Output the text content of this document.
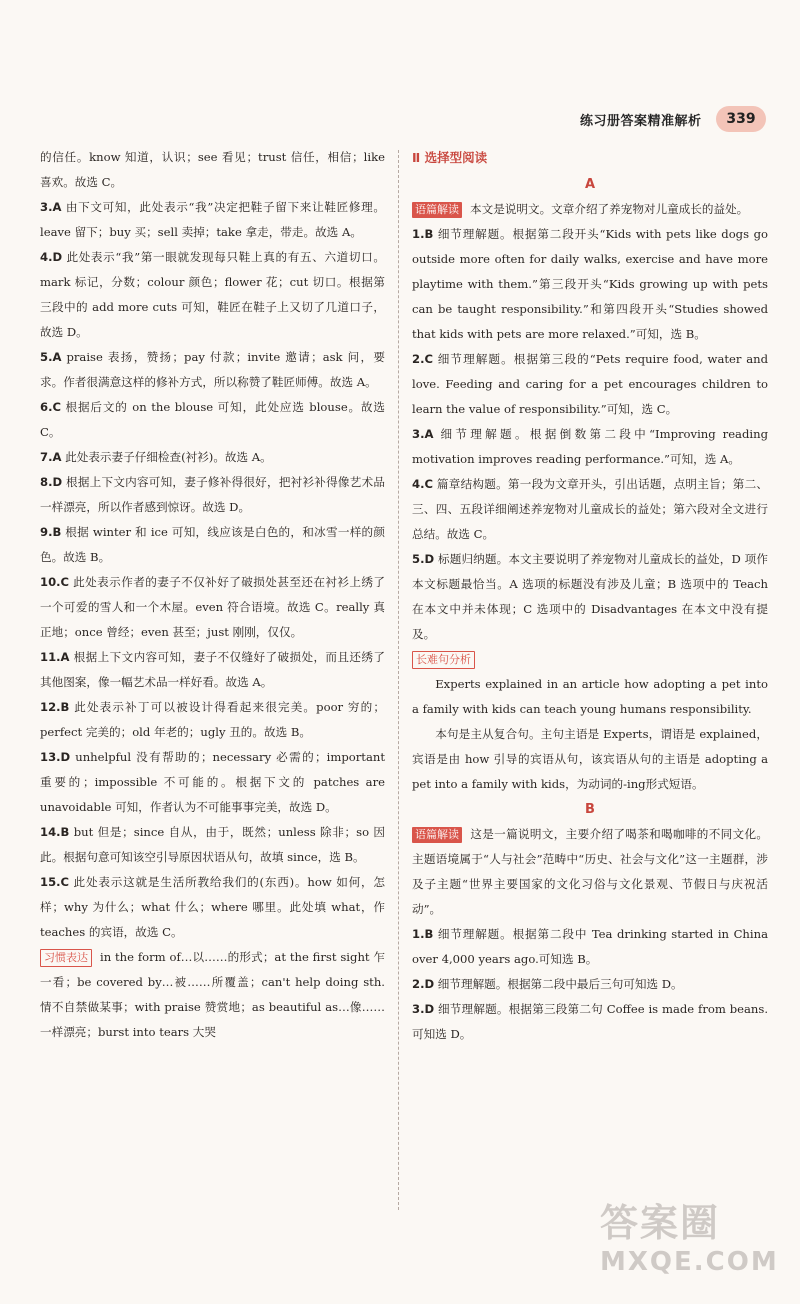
练习册答案精准解析	339
的信任。know 知道，认识；see 看见；trust 信任，相信；like 喜欢。故选 C。
3.A 由下文可知，此处表示“我”决定把鞋子留下来让鞋匠修理。leave 留下；buy 买；sell 卖掉；take 拿走，带走。故选 A。
4.D 此处表示“我”第一眼就发现每只鞋上真的有五、六道切口。mark 标记，分数；colour 颜色；flower 花；cut 切口。根据第三段中的 add more cuts 可知，鞋匠在鞋子上又切了几道口子，故选 D。
5.A praise 表扬，赞扬；pay 付款；invite 邀请；ask 问，要求。作者很满意这样的修补方式，所以称赞了鞋匠师傅。故选 A。
6.C 根据后文的 on the blouse 可知，此处应选 blouse。故选 C。
7.A 此处表示妻子仔细检查(衬衫)。故选 A。
8.D 根据上下文内容可知，妻子修补得很好，把衬衫补得像艺术品一样漂亮，所以作者感到惊讶。故选 D。
9.B 根据 winter 和 ice 可知，线应该是白色的，和冰雪一样的颜色。故选 B。
10.C 此处表示作者的妻子不仅补好了破损处甚至还在衬衫上绣了一个可爱的雪人和一个木屋。even 符合语境。故选 C。really 真正地；once 曾经；even 甚至；just 刚刚，仅仅。
11.A 根据上下文内容可知，妻子不仅缝好了破损处，而且还绣了其他图案，像一幅艺术品一样好看。故选 A。
12.B 此处表示补丁可以被设计得看起来很完美。poor 穷的；perfect 完美的；old 年老的；ugly 丑的。故选 B。
13.D unhelpful 没有帮助的；necessary 必需的；important 重要的；impossible 不可能的。根据下文的 patches are unavoidable 可知，作者认为不可能事事完美，故选 D。
14.B but 但是；since 自从，由于，既然；unless 除非；so 因此。根据句意可知该空引导原因状语从句，故填 since，选 B。
15.C 此处表示这就是生活所教给我们的(东西)。how 如何，怎样；why 为什么；what 什么；where 哪里。此处填 what，作 teaches 的宾语，故选 C。
习惯表达 in the form of…以……的形式；at the first sight 乍一看；be covered by…被……所覆盖；can't help doing sth. 情不自禁做某事；with praise 赞赏地；as beautiful as…像……一样漂亮；burst into tears 大哭
Ⅱ 选择型阅读
A
语篇解读 本文是说明文。文章介绍了养宠物对儿童成长的益处。
1.B 细节理解题。根据第二段开头“Kids with pets like dogs go outside more often for daily walks, exercise and have more playtime with them.”第三段开头“Kids growing up with pets can be taught responsibility.”和第四段开头“Studies showed that kids with pets are more relaxed.”可知，选 B。
2.C 细节理解题。根据第三段的“Pets require food, water and love. Feeding and caring for a pet encourages children to learn the value of responsibility.”可知，选 C。
3.A 细节理解题。根据倒数第二段中“Improving reading motivation improves reading performance.”可知，选 A。
4.C 篇章结构题。第一段为文章开头，引出话题，点明主旨；第二、三、四、五段详细阐述养宠物对儿童成长的益处；第六段对全文进行总结。故选 C。
5.D 标题归纳题。本文主要说明了养宠物对儿童成长的益处，D 项作本文标题最恰当。A 选项的标题没有涉及儿童；B 选项中的 Teach 在本文中并未体现；C 选项中的 Disadvantages 在本文中没有提及。
长难句分析
Experts explained in an article how adopting a pet into a family with kids can teach young humans responsibility.
本句是主从复合句。主句主语是 Experts，谓语是 explained，宾语是由 how 引导的宾语从句，该宾语从句的主语是 adopting a pet into a family with kids，为动词的-ing形式短语。
B
语篇解读 这是一篇说明文，主要介绍了喝茶和喝咖啡的不同文化。主题语境属于“人与社会”范畴中“历史、社会与文化”这一主题群，涉及子主题“世界主要国家的文化习俗与文化景观、节假日与庆祝活动”。
1.B 细节理解题。根据第二段中 Tea drinking started in China over 4,000 years ago.可知选 B。
2.D 细节理解题。根据第二段中最后三句可知选 D。
3.D 细节理解题。根据第三段第二句 Coffee is made from beans.可知选 D。
答案圈
MXQE.COM
